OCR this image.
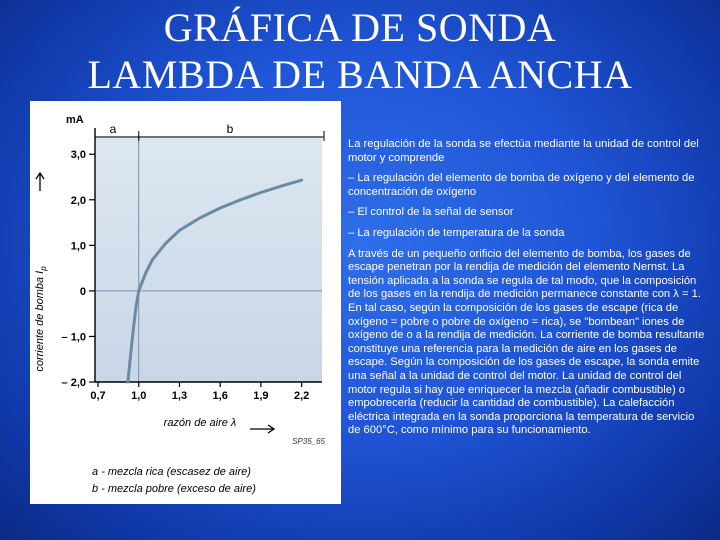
GRÁFICA DE SONDA
LAMBDA DE BANDA ANCHA
3,0
2,0
1,0
0
– 1,0
– 2,0
0,7 1,0 1,3 1,6 1,9 2,2
mA
a	b
corriente de bomba $I_p$
razón de aire λ
SP35_65
a - mezcla rica (escasez de aire)
b - mezcla pobre (exceso de aire)

La regulación de la sonda se efectúa mediante la unidad de control del motor y comprende

– La regulación del elemento de bomba de oxígeno y del elemento de concentración de oxígeno

– El control de la señal de sensor

– La regulación de temperatura de la sonda

A través de un pequeño orificio del elemento de bomba, los gases de escape penetran por la rendija de medición del elemento Nernst. La tensión aplicada a la sonda se regula de tal modo, que la composición de los gases en la rendija de medición permanece constante con λ = 1. En tal caso, según la composición de los gases de escape (rica de oxígeno = pobre o pobre de oxígeno = rica), se "bombean" iones de oxígeno de o a la rendija de medición. La corriente de bomba resultante constituye una referencia para la medición de aire en los gases de escape. Según la composición de los gases de escape, la sonda emite una señal a la unidad de control del motor. La unidad de control del motor regula si hay que enriquecer la mezcla (añadir combustible) o empobrecerla (reducir la cantidad de combustible). La calefacción eléctrica integrada en la sonda proporciona la temperatura de servicio de 600°C, como mínimo para su funcionamiento.
